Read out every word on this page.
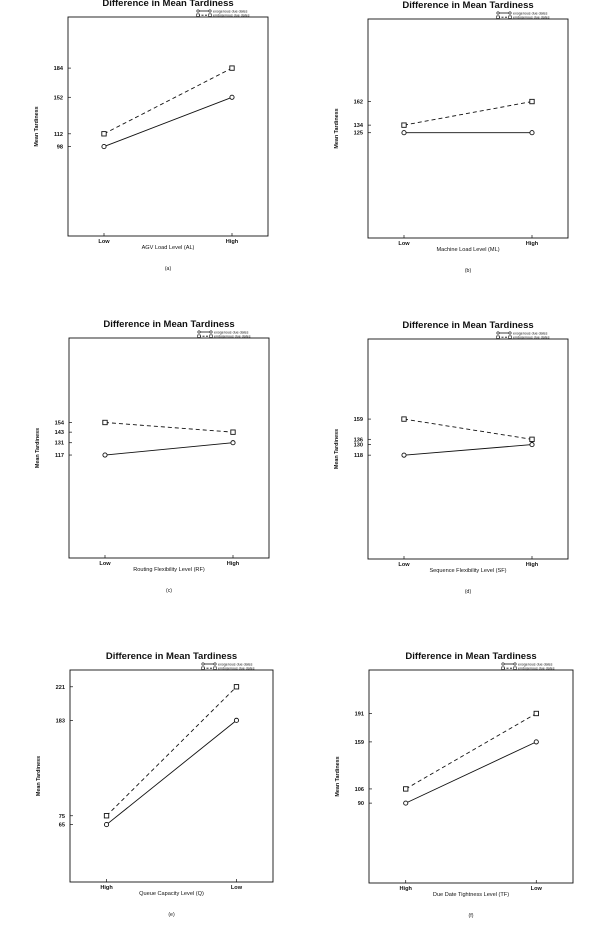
Difference in Mean Tardiness
exogenous due dates
endogenous due dates
98
112
152
184
Mean Tardiness
Low	High
AGV Load Level (AL)
(a)
Difference in Mean Tardiness
exogenous due dates
endogenous due dates
125
134
162
Mean Tardiness
Low	High
Machine Load Level (ML)
(b)
Difference in Mean Tardiness
exogenous due dates
endogenous due dates
117
131
143
154
Mean Tardiness
Low	High
Routing Flexibility Level (RF)
(c)
Difference in Mean Tardiness
exogenous due dates
endogenous due dates
118
130
136
159
Mean Tardiness
Low	High
Sequence Flexibility Level (SF)
(d)
Difference in Mean Tardiness
exogenous due dates
endogenous due dates
65
75
183
221
Mean Tardiness
High	Low
Queue Capacity Level (Q)
(e)
Difference in Mean Tardiness
exogenous due dates
endogenous due dates
90
106
159
191
Mean Tardiness
High	Low
Due Date Tightness Level (TF)
(f)
